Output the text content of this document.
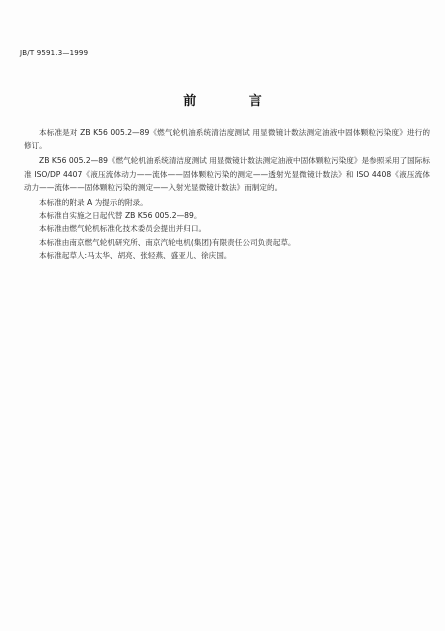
JB/T 9591.3—1999
前 言

本标准是对 ZB K56 005.2—89《燃气轮机油系统清洁度测试 用显微镜计数法测定油液中固体颗粒污染度》进行的修订。

ZB K56 005.2—89《燃气轮机油系统清洁度测试 用显微镜计数法测定油液中固体颗粒污染度》是参照采用了国际标准 ISO/DP 4407《液压流体动力——流体——固体颗粒污染的测定——透射光显微镜计数法》和 ISO 4408《液压流体动力——流体——固体颗粒污染的测定——入射光显微镜计数法》而制定的。

本标准的附录 A 为提示的附录。

本标准自实施之日起代替 ZB K56 005.2—89。

本标准由燃气轮机标准化技术委员会提出并归口。

本标准由南京燃气轮机研究所、南京汽轮电机(集团)有限责任公司负责起草。

本标准起草人:马太华、胡亮、张轻燕、盛亚儿、徐庆国。
